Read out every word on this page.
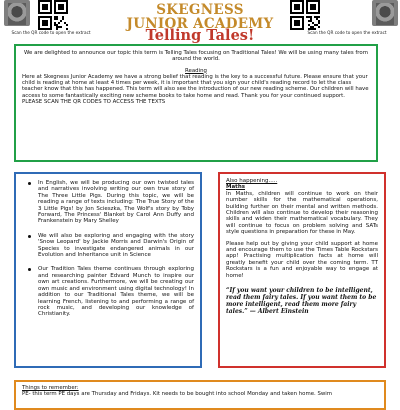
Scan the QR code to open the extract
SKEGNESS
JUNIOR ACADEMY
Telling Tales!	Scan the QR code to open the extract
We are delighted to announce our topic this term is Telling Tales focusing on Traditional Tales! We will be using many tales from around the world.
Reading
Here at Skegness Junior Academy we have a strong belief that reading is the key to a successful future. Please ensure that your child is reading at home at least 4 times per week, it is important that you sign your child's reading record to let the class teacher know that this has happened. This term will also see the introduction of our new reading scheme. Our children will have access to some fantastically exciting new scheme books to take home and read. Thank you for your continued support.
PLEASE SCAN THE QR CODES TO ACCESS THE TEXTS
In English, we will be producing our own twisted tales and narratives involving writing our own true story of The Three Little Pigs. During this topic, we will be reading a range of texts including: The True Story of the 3 Little Pigs! by Jon Scieszka, The Wolf's story by Toby Forward, The Princess' Blanket by Carol Ann Duffy and Frankenstein by Mary Shelley
We will also be exploring and engaging with the story 'Snow Leopard' by Jackie Morris and Darwin's Origin of Species to investigate endangered animals in our Evolution and Inheritance unit in Science
Our Tradition Tales theme continues through exploring and researching painter Edvard Munch to inspire our own art creations. Furthermore, we will be creating our own music and environment using digital technology! In addition to our Traditional Tales theme, we will be learning French, listening to and performing a range of rock music, and developing our knowledge of Christianity.
Also happening.....
Maths

In Maths, children will continue to work on their number skills for the mathematical operations, building further on their mental and written methods. Children will also continue to develop their reasoning skills and widen their mathematical vocabulary. They will continue to focus on problem solving and SATs style questions in preparation for these in May.

Please help out by giving your child support at home and encourage them to use the Times Table Rockstars app! Practising multiplication facts at home will greatly benefit your child over the coming term. TT Rockstars is a fun and enjoyable way to engage at home!

“If you want your children to be intelligent, read them fairy tales. If you want them to be more intelligent, read them more fairy tales.” — Albert Einstein
Things to remember:
PE- this term PE days are Thursday and Fridays. Kit needs to be bought into school Monday and taken home. Swim
